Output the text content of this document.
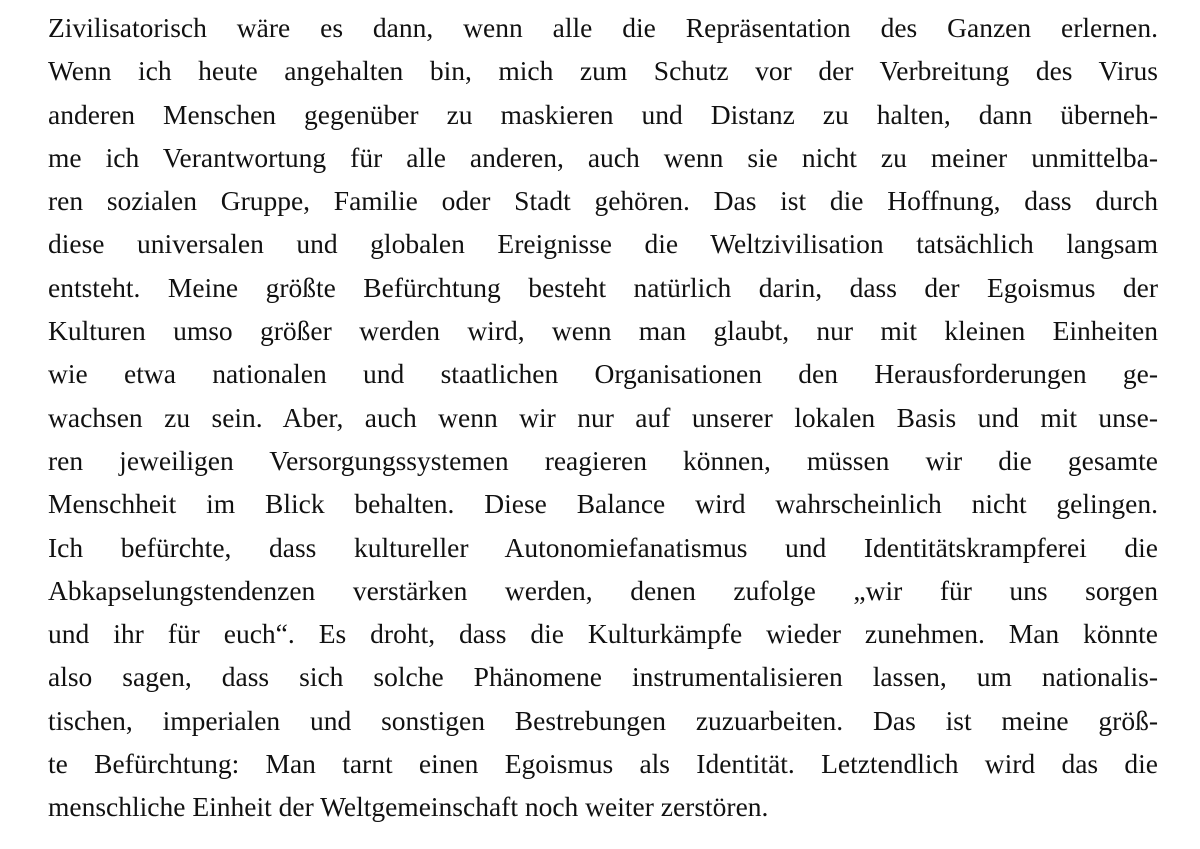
Zivilisatorisch wäre es dann, wenn alle die Repräsentation des Ganzen erlernen.
Wenn ich heute angehalten bin, mich zum Schutz vor der Verbreitung des Virus
anderen Menschen gegenüber zu maskieren und Distanz zu halten, dann überneh-
me ich Verantwortung für alle anderen, auch wenn sie nicht zu meiner unmittelba-
ren sozialen Gruppe, Familie oder Stadt gehören. Das ist die Hoffnung, dass durch
diese universalen und globalen Ereignisse die Weltzivilisation tatsächlich langsam
entsteht. Meine größte Befürchtung besteht natürlich darin, dass der Egoismus der
Kulturen umso größer werden wird, wenn man glaubt, nur mit kleinen Einheiten
wie etwa nationalen und staatlichen Organisationen den Herausforderungen ge-
wachsen zu sein. Aber, auch wenn wir nur auf unserer lokalen Basis und mit unse-
ren jeweiligen Versorgungssystemen reagieren können, müssen wir die gesamte
Menschheit im Blick behalten. Diese Balance wird wahrscheinlich nicht gelingen.
Ich befürchte, dass kultureller Autonomiefanatismus und Identitätskrampferei die
Abkapselungstendenzen verstärken werden, denen zufolge „wir für uns sorgen
und ihr für euch“. Es droht, dass die Kulturkämpfe wieder zunehmen. Man könnte
also sagen, dass sich solche Phänomene instrumentalisieren lassen, um nationalis-
tischen, imperialen und sonstigen Bestrebungen zuzuarbeiten. Das ist meine größ-
te Befürchtung: Man tarnt einen Egoismus als Identität. Letztendlich wird das die
menschliche Einheit der Weltgemeinschaft noch weiter zerstören.
